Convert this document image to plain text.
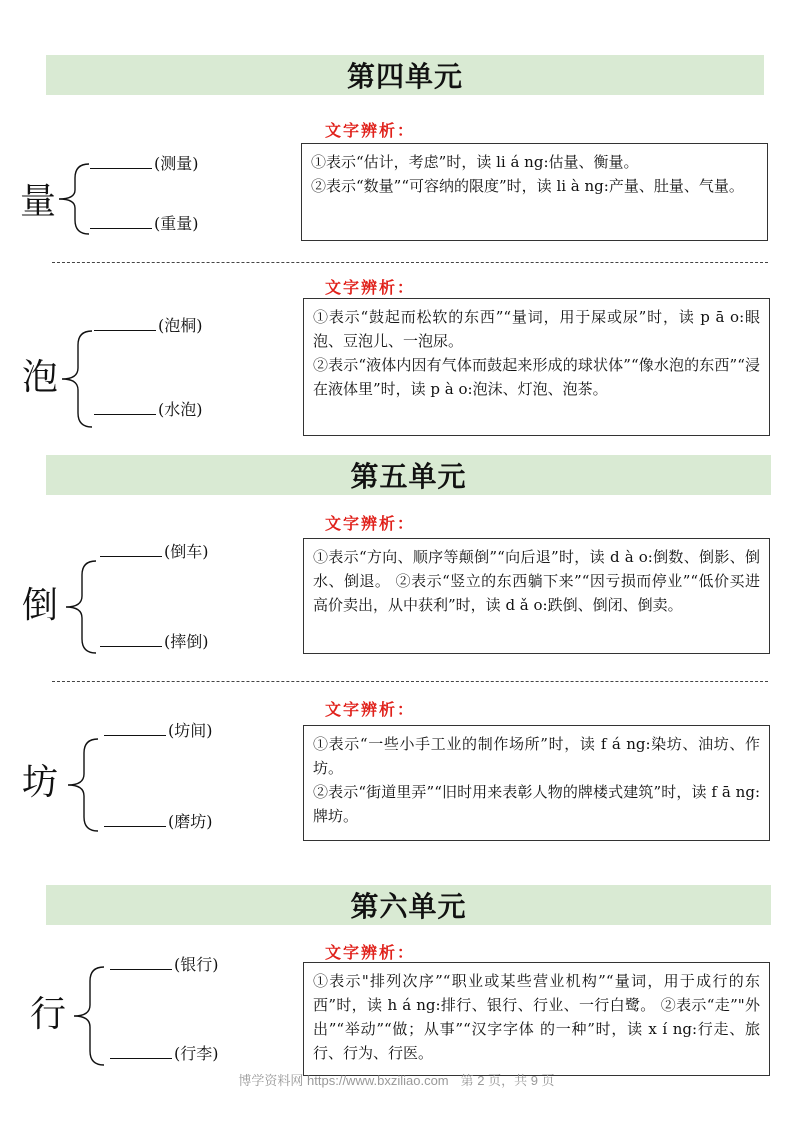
第四单元
第五单元
第六单元
量
(测量)
(重量)
文字辨析：

①表示“估计，考虑”时，读 li á ng:估量、衡量。

②表示“数量”“可容纳的限度”时，读 li à ng:产量、肚量、气量。

泡
(泡桐)
(水泡)
文字辨析：

①表示“鼓起而松软的东西”“量词，用于屎或尿”时，读 p ā o:眼泡、豆泡儿、一泡尿。

②表示“液体内因有气体而鼓起来形成的球状体”“像水泡的东西”“浸在液体里”时，读 p à o:泡沫、灯泡、泡茶。

倒
(倒车)
(摔倒)
文字辨析：

①表示“方向、顺序等颠倒”“向后退”时，读 d à o:倒数、倒影、倒水、倒退。 ②表示“竖立的东西躺下来”“因亏损而停业”“低价买进高价卖出，从中获利”时，读 d ǎ o:跌倒、倒闭、倒卖。

坊
(坊间)
(磨坊)
文字辨析：

①表示“一些小手工业的制作场所”时，读 f á ng:染坊、油坊、作坊。

②表示“街道里弄”“旧时用来表彰人物的牌楼式建筑”时，读 f ā ng:牌坊。

行
(银行)
(行李)
文字辨析：

①表示"排列次序”“职业或某些营业机构”“量词，用于成行的东西”时，读 h á ng:排行、银行、行业、一行白鹭。 ②表示“走”"外出”“举动”“做；从事”“汉字字体 的一种”时，读 x í ng:行走、旅行、行为、行医。

博学资料网 https://www.bxziliao.com 第 2 页，共 9 页
